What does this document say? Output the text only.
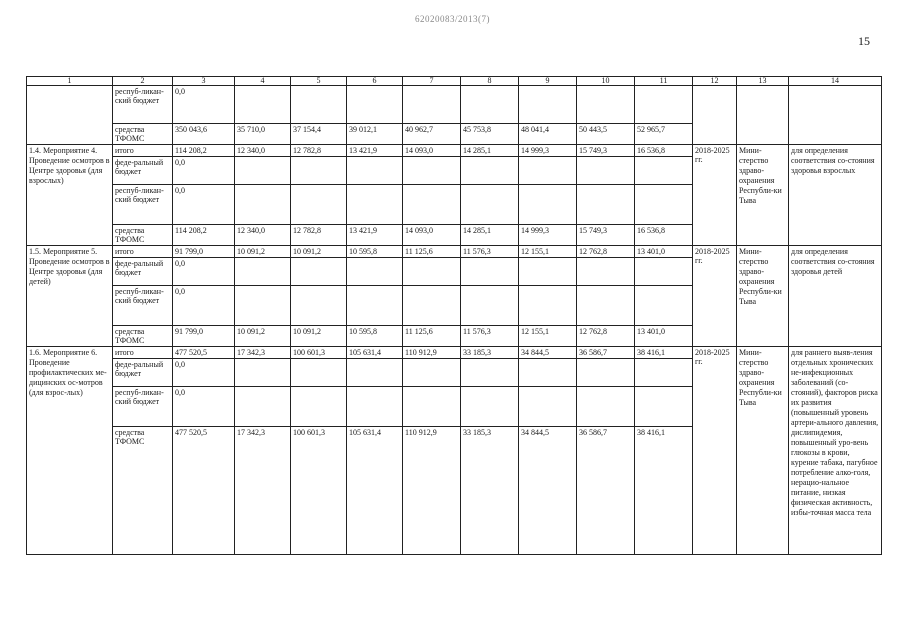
62020083/2013(7)
15
1	2	3	4	5	6	7	8	9	10	11	12	13	14
	респуб-ликан-ский бюджет	0,0											
	средства ТФОМС	350 043,6	35 710,0	37 154,4	39 012,1	40 962,7	45 753,8	48 041,4	50 443,5	52 965,7			
1.4. Мероприятие 4. Проведение осмотров в Центре здоровья (для взрослых)	итого	114 208,2	12 340,0	12 782,8	13 421,9	14 093,0	14 285,1	14 999,3	15 749,3	16 536,8	2018-2025 гг.	Мини-стерство здраво-охранения Республи-ки Тыва	для определения соответствия со-стояния здоровья взрослых
	феде-ральный бюджет	0,0											
	респуб-ликан-ский бюджет	0,0											
	средства ТФОМС	114 208,2	12 340,0	12 782,8	13 421,9	14 093,0	14 285,1	14 999,3	15 749,3	16 536,8			
1.5. Мероприятие 5. Проведение осмотров в Центре здоровья (для детей)	итого	91 799,0	10 091,2	10 091,2	10 595,8	11 125,6	11 576,3	12 155,1	12 762,8	13 401,0	2018-2025 гг.	Мини-стерство здраво-охранения Республи-ки Тыва	для определения соответствия со-стояния здоровья детей
	феде-ральный бюджет	0,0											
	респуб-ликан-ский бюджет	0,0											
	средства ТФОМС	91 799,0	10 091,2	10 091,2	10 595,8	11 125,6	11 576,3	12 155,1	12 762,8	13 401,0			
1.6. Мероприятие 6. Проведение профилактических ме-дицинских ос-мотров (для взрос-лых)	итого	477 520,5	17 342,3	100 601,3	105 631,4	110 912,9	33 185,3	34 844,5	36 586,7	38 416,1	2018-2025 гг.	Мини-стерство здраво-охранения Республи-ки Тыва	для раннего выяв-ления отдельных хронических не-инфекционных заболеваний (со-стояний), факторов риска их развития (повышенный уровень артери-ального давления, дислипидемия, повышенный уро-вень глюкозы в крови, курение табака, пагубное потребление алко-голя, нерацио-нальное питание, низкая физическая активность, избы-точная масса тела
	феде-ральный бюджет	0,0											
	респуб-ликан-ский бюджет	0,0											
	средства ТФОМС	477 520,5	17 342,3	100 601,3	105 631,4	110 912,9	33 185,3	34 844,5	36 586,7	38 416,1			
